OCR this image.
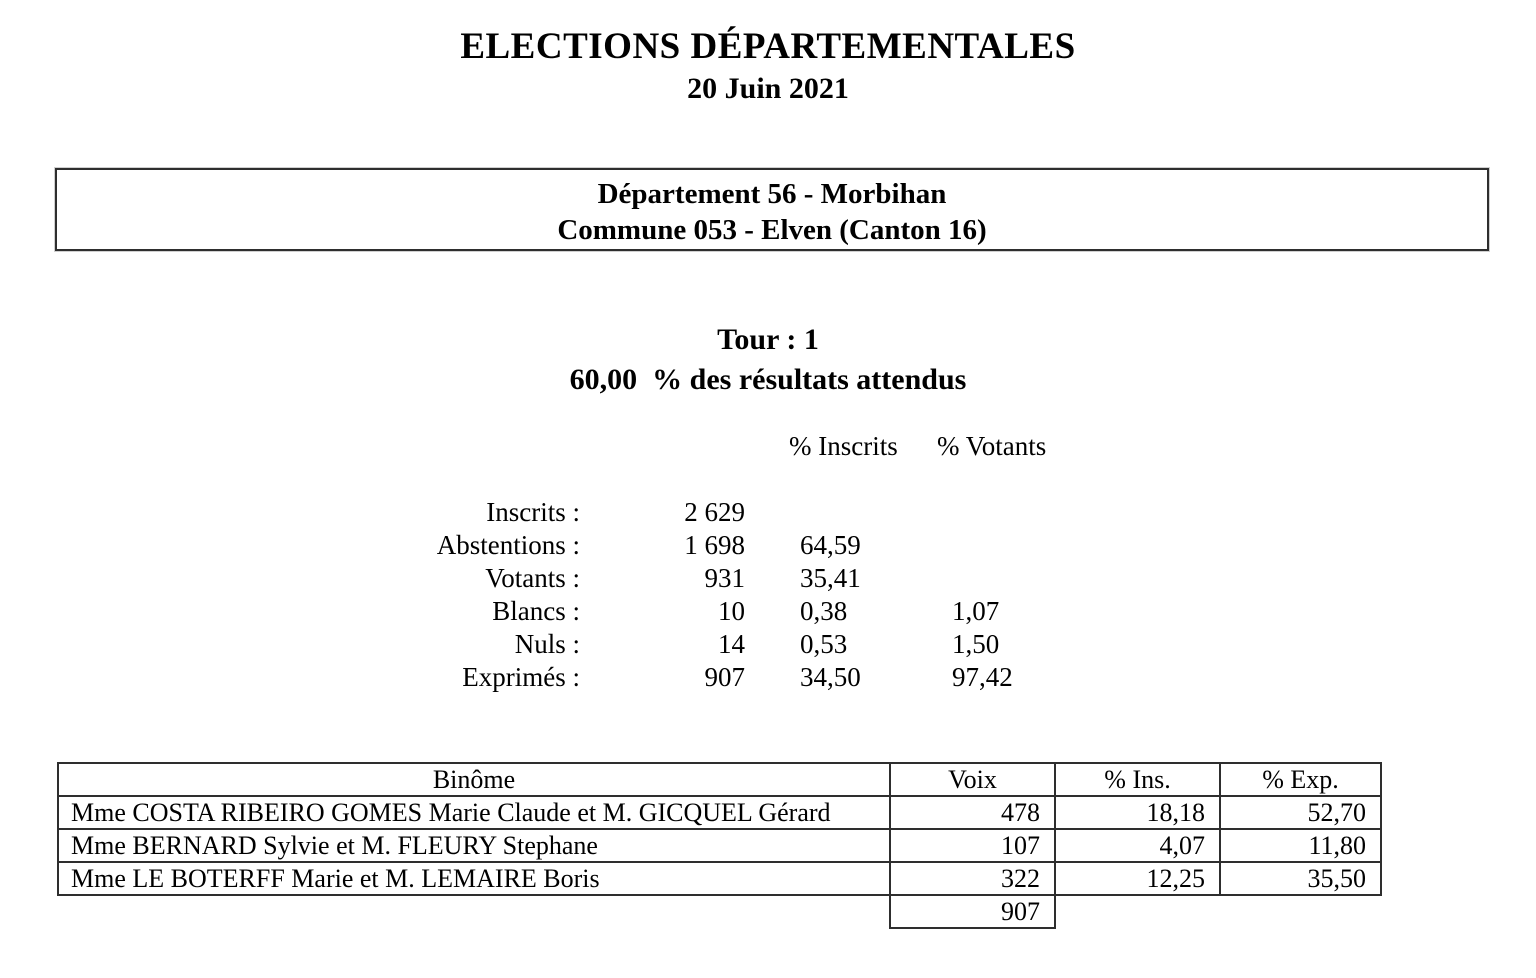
ELECTIONS DÉPARTEMENTALES
20 Juin 2021
Département 56 - Morbihan
Commune 053 - Elven (Canton 16)
Tour : 1
60,00  % des résultats attendus
		% Inscrits	% Votants
Inscrits :	2 629		
Abstentions :	1 698	64,59	
Votants :	931	35,41	
Blancs :	10	0,38	1,07
Nuls :	14	0,53	1,50
Exprimés :	907	34,50	97,42
Binôme	Voix	% Ins.	% Exp.
Mme COSTA RIBEIRO GOMES Marie Claude et M. GICQUEL Gérard	478	18,18	52,70
Mme BERNARD Sylvie et M. FLEURY Stephane	107	4,07	11,80
Mme LE BOTERFF Marie et M. LEMAIRE Boris	322	12,25	35,50
	907		
